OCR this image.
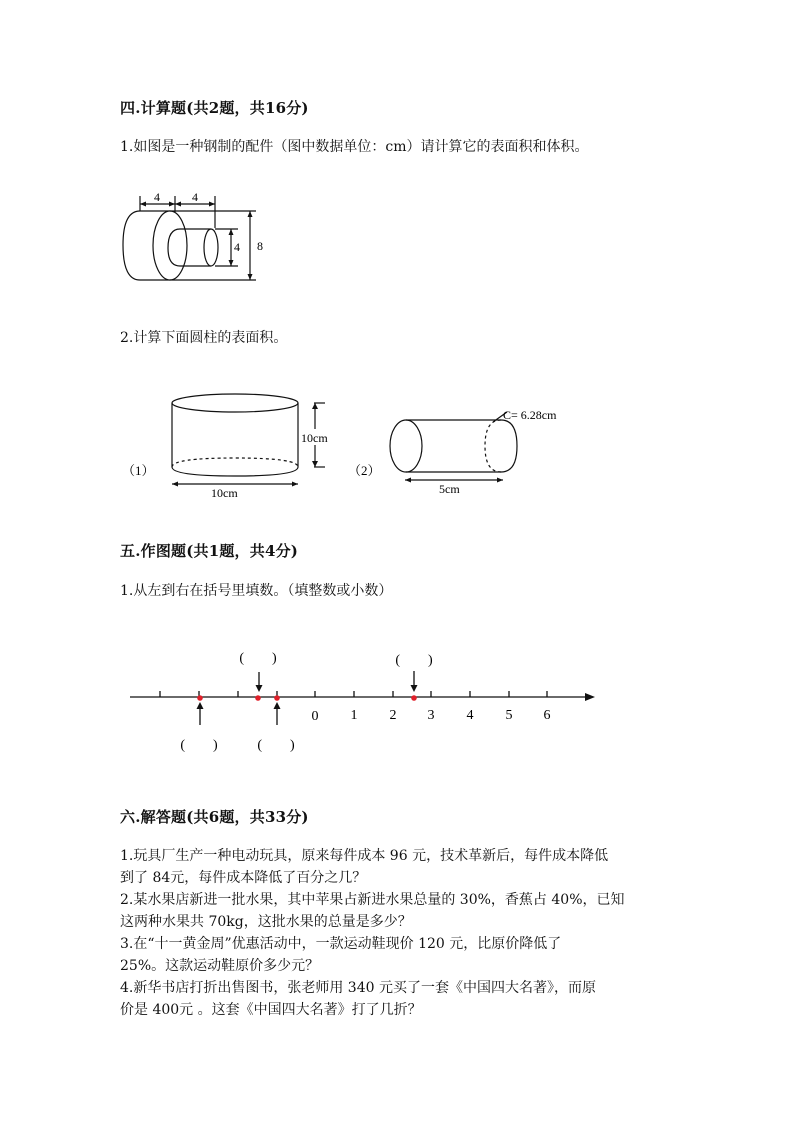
四.计算题(共2题，共16分)
1.如图是一种钢制的配件（图中数据单位：cm）请计算它的表面积和体积。
4	4
4 8
2.计算下面圆柱的表面积。
（1）
10cm
10cm
（2）
C= 6.28cm
5cm
五.作图题(共1题，共4分)
1.从左到右在括号里填数。（填整数或小数）
0 1 2 3 4 5 6
(　　)	(　　)
(　　)	(　　)
六.解答题(共6题，共33分)
1.玩具厂生产一种电动玩具，原来每件成本 96 元，技术革新后，每件成本降低
到了 84元，每件成本降低了百分之几？
2.某水果店新进一批水果，其中苹果占新进水果总量的 30%，香蕉占 40%，已知
这两种水果共 70kg，这批水果的总量是多少？
3.在“十一黄金周”优惠活动中，一款运动鞋现价 120 元，比原价降低了
25%。这款运动鞋原价多少元？
4.新华书店打折出售图书，张老师用 340 元买了一套《中国四大名著》，而原
价是 400元 。这套《中国四大名著》打了几折？
